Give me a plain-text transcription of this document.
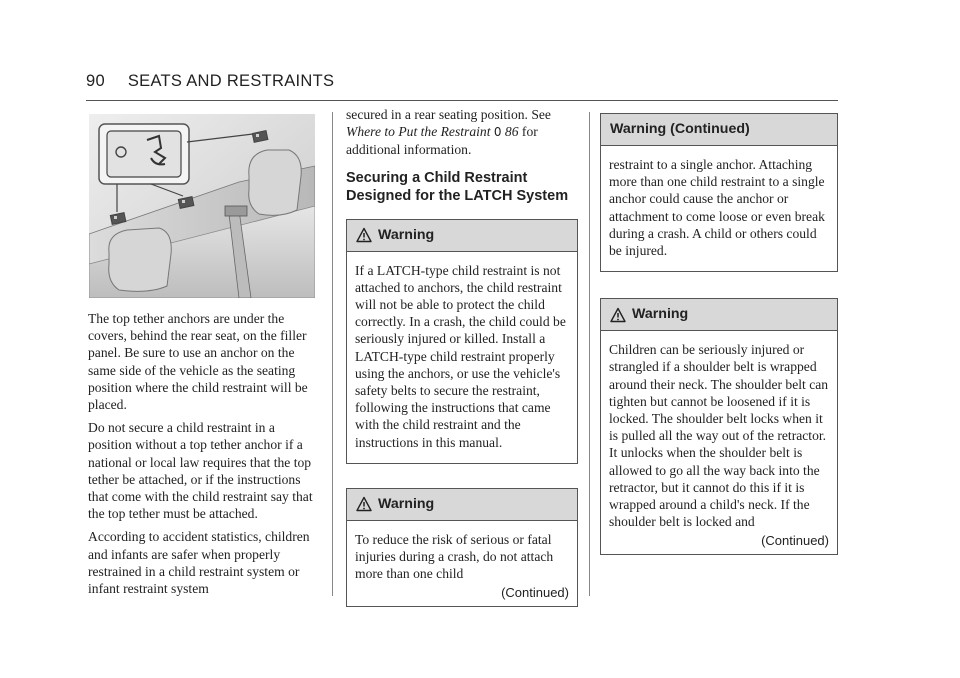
90 SEATS AND RESTRAINTS

The top tether anchors are under the covers, behind the rear seat, on the filler panel. Be sure to use an anchor on the same side of the vehicle as the seating position where the child restraint will be placed.

Do not secure a child restraint in a position without a top tether anchor if a national or local law requires that the top tether be attached, or if the instructions that come with the child restraint say that the top tether must be attached.

According to accident statistics, children and infants are safer when properly restrained in a child restraint system or infant restraint system

secured in a rear seating position. See Where to Put the Restraint 0 86 for additional information.

Securing a Child Restraint Designed for the LATCH System
Warning
If a LATCH-type child restraint is not attached to anchors, the child restraint will not be able to protect the child correctly. In a crash, the child could be seriously injured or killed. Install a LATCH-type child restraint properly using the anchors, or use the vehicle's safety belts to secure the restraint, following the instructions that came with the child restraint and the instructions in this manual.
Warning
To reduce the risk of serious or fatal injuries during a crash, do not attach more than one child
(Continued)
Warning (Continued)
restraint to a single anchor. Attaching more than one child restraint to a single anchor could cause the anchor or attachment to come loose or even break during a crash. A child or others could be injured.
Warning
Children can be seriously injured or strangled if a shoulder belt is wrapped around their neck. The shoulder belt can tighten but cannot be loosened if it is locked. The shoulder belt locks when it is pulled all the way out of the retractor. It unlocks when the shoulder belt is allowed to go all the way back into the retractor, but it cannot do this if it is wrapped around a child's neck. If the shoulder belt is locked and
(Continued)
